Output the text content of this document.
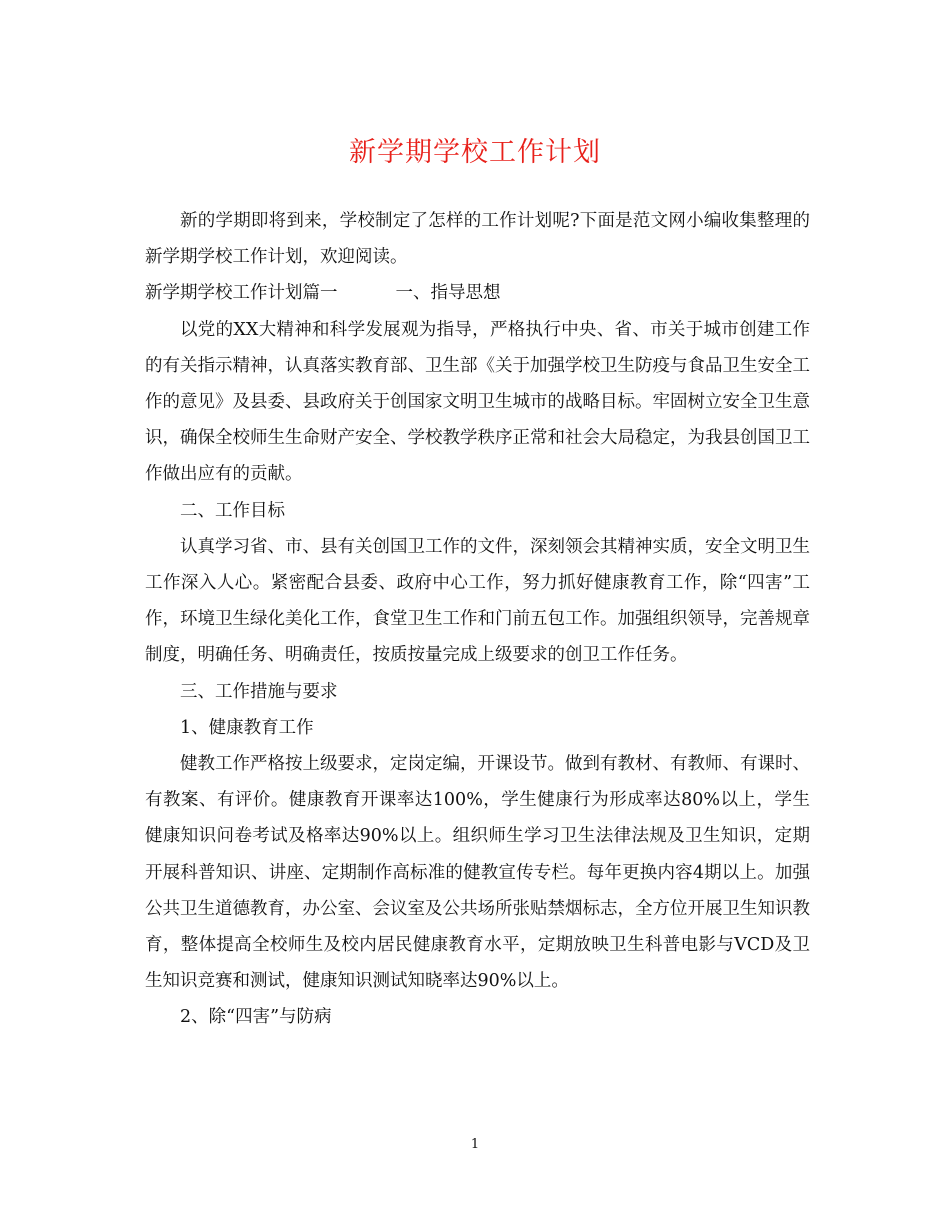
新学期学校工作计划

新的学期即将到来，学校制定了怎样的工作计划呢?下面是范文网小编收集整理的新学期学校工作计划，欢迎阅读。

新学期学校工作计划篇一	一、指导思想

以党的XX大精神和科学发展观为指导，严格执行中央、省、市关于城市创建工作的有关指示精神，认真落实教育部、卫生部《关于加强学校卫生防疫与食品卫生安全工作的意见》及县委、县政府关于创国家文明卫生城市的战略目标。牢固树立安全卫生意识，确保全校师生生命财产安全、学校教学秩序正常和社会大局稳定，为我县创国卫工作做出应有的贡献。

二、工作目标

认真学习省、市、县有关创国卫工作的文件，深刻领会其精神实质，安全文明卫生工作深入人心。紧密配合县委、政府中心工作，努力抓好健康教育工作，除“四害”工作，环境卫生绿化美化工作，食堂卫生工作和门前五包工作。加强组织领导，完善规章制度，明确任务、明确责任，按质按量完成上级要求的创卫工作任务。

三、工作措施与要求

1、健康教育工作

健教工作严格按上级要求，定岗定编，开课设节。做到有教材、有教师、有课时、有教案、有评价。健康教育开课率达100%，学生健康行为形成率达80%以上，学生健康知识问卷考试及格率达90%以上。组织师生学习卫生法律法规及卫生知识，定期开展科普知识、讲座、定期制作高标准的健教宣传专栏。每年更换内容4期以上。加强公共卫生道德教育，办公室、会议室及公共场所张贴禁烟标志，全方位开展卫生知识教育，整体提高全校师生及校内居民健康教育水平，定期放映卫生科普电影与VCD及卫生知识竞赛和测试，健康知识测试知晓率达90%以上。

2、除“四害”与防病

1
